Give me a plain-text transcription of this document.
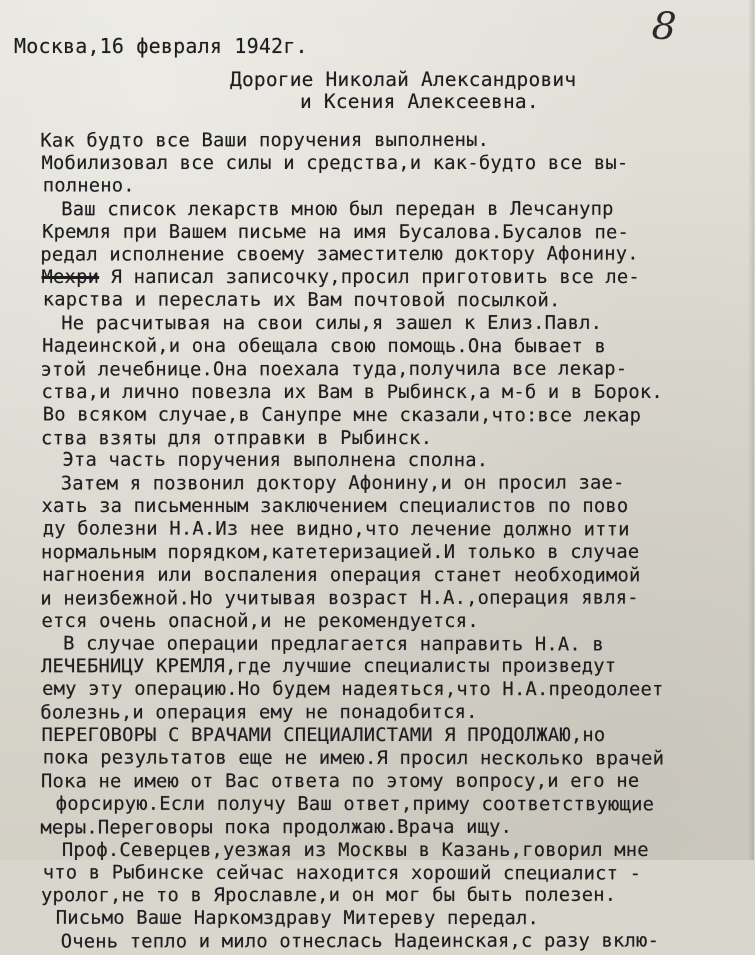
8
Москва,16 февраля 1942г.
Дорогие Николай Александрович
и Ксения Алексеевна.
Как будто все Ваши поручения выполнены.
Мобилизовал все силы и средства,и как-будто все вы-
полнено.
Ваш список лекарств мною был передан в Лечсанупр
Кремля при Вашем письме на имя Бусалова.Бусалов пе-
редал исполнение своему заместителю доктору Афонину.
Мехри Я написал записочку,просил приготовить все ле-
карства и переслать их Вам почтовой посылкой.
Не расчитывая на свои силы,я зашел к Елиз.Павл.
Надеинской,и она обещала свою помощь.Она бывает в
этой лечебнице.Она поехала туда,получила все лекар-
ства,и лично повезла их Вам в Рыбинск,а м-б и в Борок.
Во всяком случае,в Санупре мне сказали,что:все лекар
ства взяты для отправки в Рыбинск.
Эта часть поручения выполнена сполна.
Затем я позвонил доктору Афонину,и он просил зае-
хать за письменным заключением специалистов по пово
ду болезни Н.А.Из нее видно,что лечение должно итти
нормальным порядком,катетеризацией.И только в случае
нагноения или воспаления операция станет необходимой
и неизбежной.Но учитывая возраст Н.А.,операция явля-
ется очень опасной,и не рекомендуется.
В случае операции предлагается направить Н.А. в
ЛЕЧЕБНИЦУ КРЕМЛЯ,где лучшие специалисты произведут
ему эту операцию.Но будем надеяться,что Н.А.преодолеет
болезнь,и операция ему не понадобится.
ПЕРЕГОВОРЫ С ВРАЧАМИ СПЕЦИАЛИСТАМИ Я ПРОДОЛЖАЮ,но
пока результатов еще не имею.Я просил несколько врачей
Пока не имею от Вас ответа по этому вопросу,и его не
форсирую.Если получу Ваш ответ,приму соответствующие
меры.Переговоры пока продолжаю.Врача ищу.
Проф.Северцев,уезжая из Москвы в Казань,говорил мне
что в Рыбинске сейчас находится хороший специалист -
уролог,не то в Ярославле,и он мог бы быть полезен.
Письмо Ваше Наркомздраву Митереву передал.
Очень тепло и мило отнеслась Надеинская,с разу вклю-
